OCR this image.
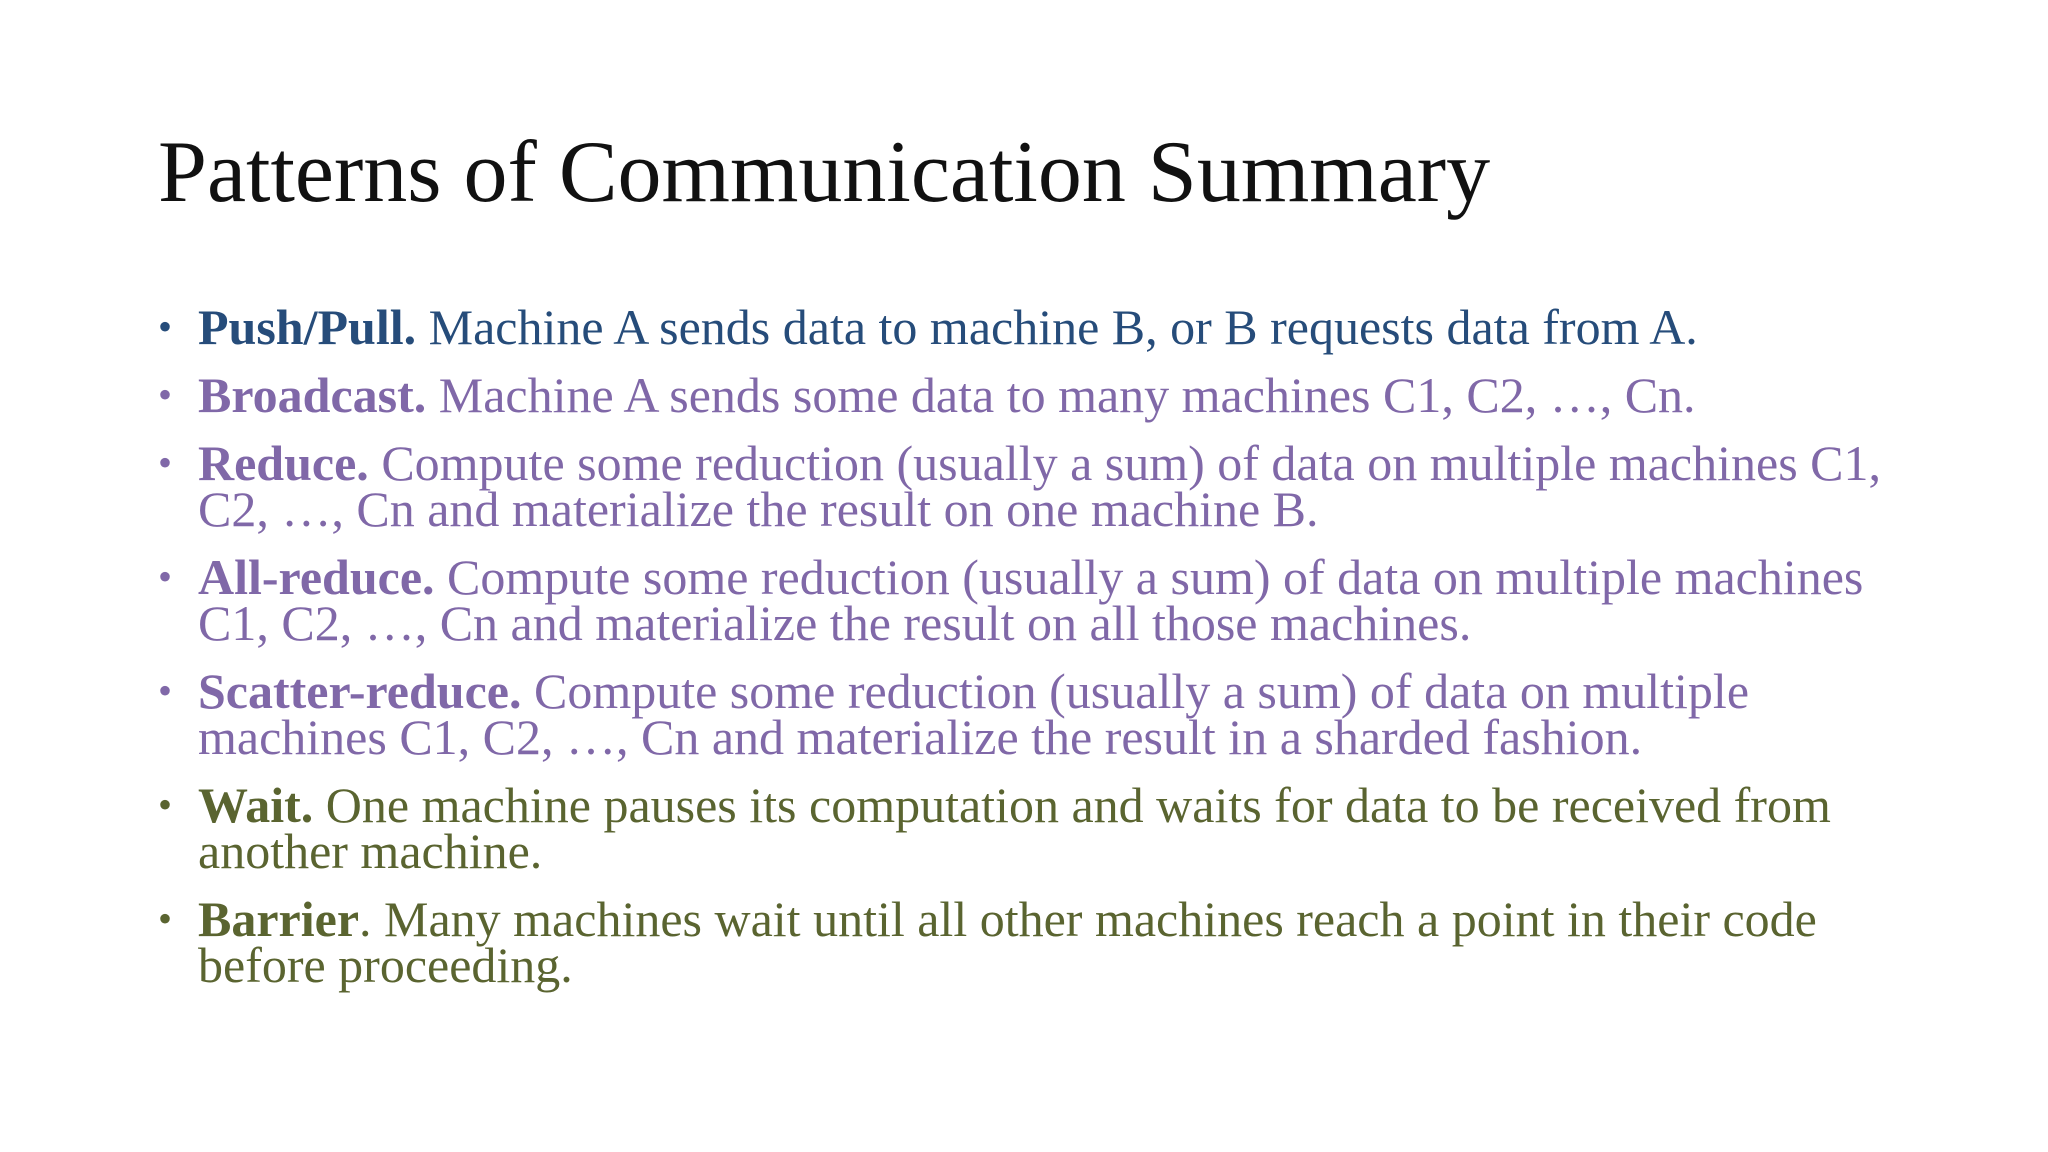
Patterns of Communication Summary
• Push/Pull. Machine A sends data to machine B, or B requests data from A.
• Broadcast. Machine A sends some data to many machines C1, C2, …, Cn.
• Reduce. Compute some reduction (usually a sum) of data on multiple machines C1, C2, …, Cn and materialize the result on one machine B.
• All-reduce. Compute some reduction (usually a sum) of data on multiple machines C1, C2, …, Cn and materialize the result on all those machines.
• Scatter-reduce. Compute some reduction (usually a sum) of data on multiple machines C1, C2, …, Cn and materialize the result in a sharded fashion.
• Wait. One machine pauses its computation and waits for data to be received from another machine.
• Barrier. Many machines wait until all other machines reach a point in their code before proceeding.
